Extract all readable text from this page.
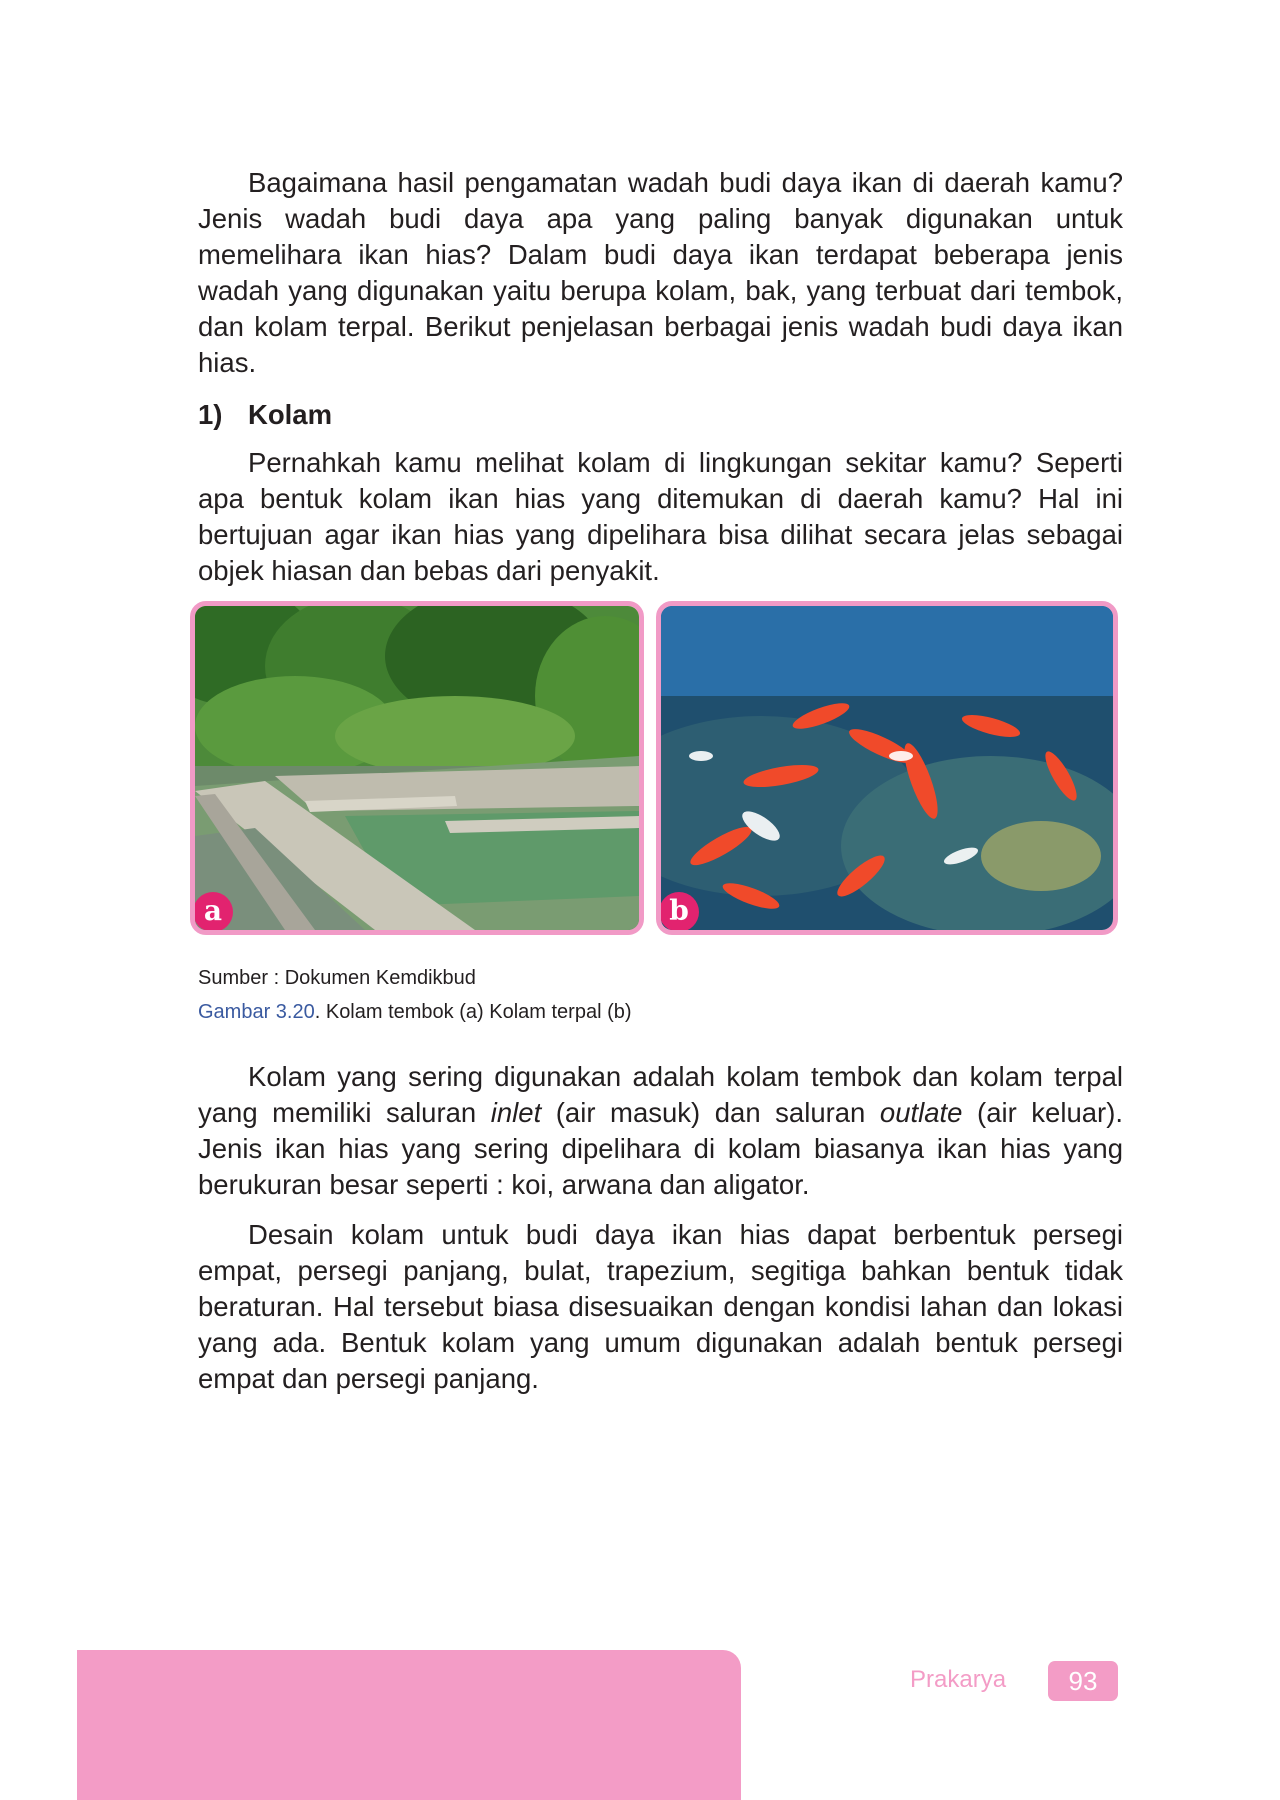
Bagaimana hasil pengamatan wadah budi daya ikan di daerah kamu? Jenis wadah budi daya apa yang paling banyak digunakan untuk memelihara ikan hias? Dalam budi daya ikan terdapat beberapa jenis wadah yang digunakan yaitu berupa kolam, bak, yang terbuat dari tembok, dan kolam terpal. Berikut penjelasan berbagai jenis wadah budi daya ikan hias.

1) Kolam

Pernahkah kamu melihat kolam di lingkungan sekitar kamu? Seperti apa bentuk kolam ikan hias yang ditemukan di daerah kamu? Hal ini bertujuan agar ikan hias yang dipelihara bisa dilihat secara jelas sebagai objek hiasan dan bebas dari penyakit.

a	b
Sumber : Dokumen Kemdikbud
Gambar 3.20. Kolam tembok (a) Kolam terpal (b)

Kolam yang sering digunakan adalah kolam tembok dan kolam terpal yang memiliki saluran inlet (air masuk) dan saluran outlate (air keluar). Jenis ikan hias yang sering dipelihara di kolam biasanya ikan hias yang berukuran besar seperti : koi, arwana dan aligator.

Desain kolam untuk budi daya ikan hias dapat berbentuk persegi empat, persegi panjang, bulat, trapezium, segitiga bahkan bentuk tidak beraturan. Hal tersebut biasa disesuaikan dengan kondisi lahan dan lokasi yang ada. Bentuk kolam yang umum digunakan adalah bentuk persegi empat dan persegi panjang.

Prakarya	93
